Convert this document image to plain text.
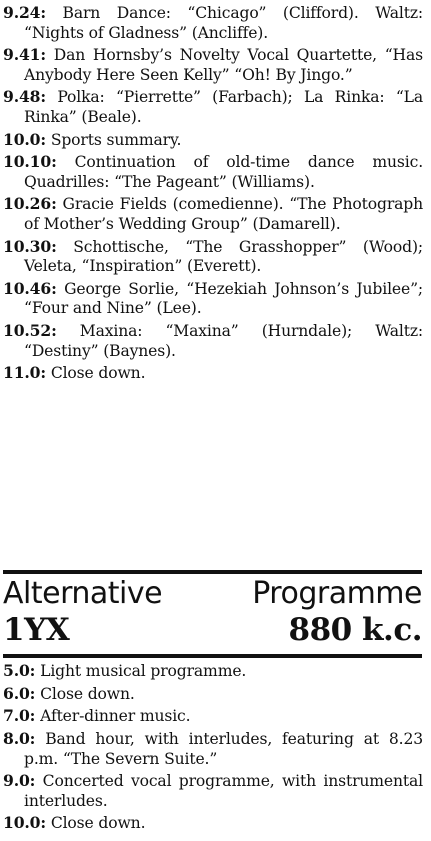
9.24: Barn Dance: “Chicago” (Clifford). Waltz: “Nights of Gladness” (Ancliffe).

9.41: Dan Hornsby’s Novelty Vocal Quartette, “Has Anybody Here Seen Kelly” “Oh! By Jingo.”

9.48: Polka: “Pierrette” (Farbach); La Rinka: “La Rinka” (Beale).

10.0: Sports summary.

10.10: Continuation of old-time dance music. Quadrilles: “The Pageant” (Williams).

10.26: Gracie Fields (comedienne). “The Photograph of Mother’s Wedding Group” (Damarell).

10.30: Schottische, “The Grasshopper” (Wood); Veleta, “Inspiration” (Everett).

10.46: George Sorlie, “Hezekiah Johnson’s Jubilee”; “Four and Nine” (Lee).

10.52: Maxina: “Maxina” (Hurndale); Waltz: “Destiny” (Baynes).

11.0: Close down.

Alternative	Programme
1YX	880 k.c.

5.0: Light musical programme.

6.0: Close down.

7.0: After-dinner music.

8.0: Band hour, with interludes, featuring at 8.23 p.m. “The Severn Suite.”

9.0: Concerted vocal programme, with instrumental interludes.

10.0: Close down.
